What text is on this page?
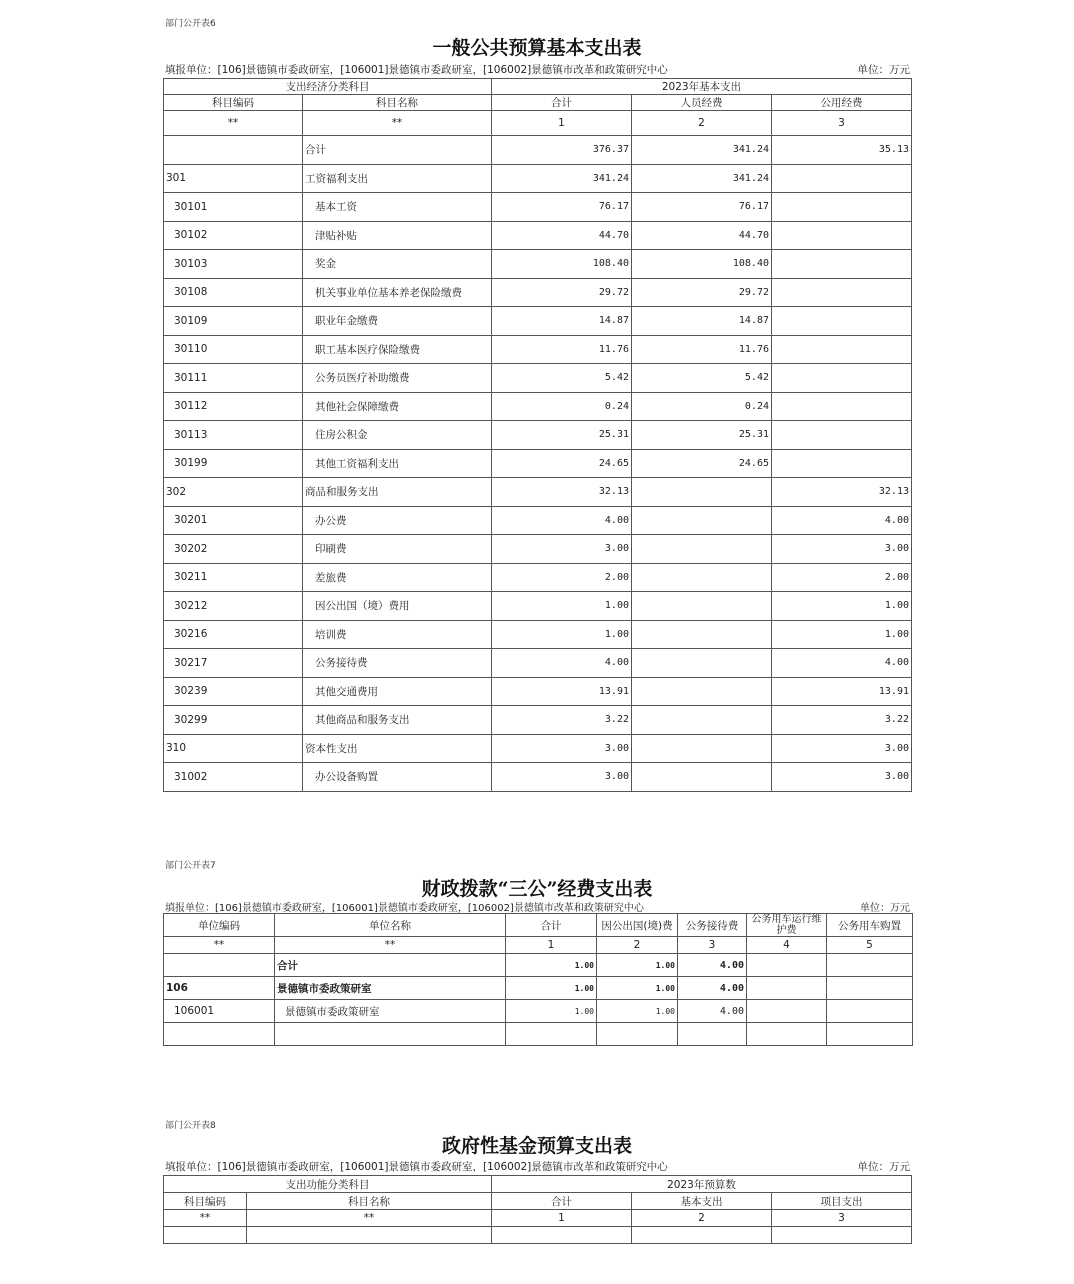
部门公开表6
一般公共预算基本支出表
填报单位：[106]景德镇市委政研室，[106001]景德镇市委政研室，[106002]景德镇市改革和政策研究中心	单位：万元
支出经济分类科目		2023年基本支出		
科目编码	科目名称	合计	人员经费	公用经费
**	**	1	2	3
	合计	376.37	341.24	35.13
301	工资福利支出	341.24	341.24	
30101	基本工资	76.17	76.17	
30102	津贴补贴	44.70	44.70	
30103	奖金	108.40	108.40	
30108	机关事业单位基本养老保险缴费	29.72	29.72	
30109	职业年金缴费	14.87	14.87	
30110	职工基本医疗保险缴费	11.76	11.76	
30111	公务员医疗补助缴费	5.42	5.42	
30112	其他社会保障缴费	0.24	0.24	
30113	住房公积金	25.31	25.31	
30199	其他工资福利支出	24.65	24.65	
302	商品和服务支出	32.13		32.13
30201	办公费	4.00		4.00
30202	印刷费	3.00		3.00
30211	差旅费	2.00		2.00
30212	因公出国（境）费用	1.00		1.00
30216	培训费	1.00		1.00
30217	公务接待费	4.00		4.00
30239	其他交通费用	13.91		13.91
30299	其他商品和服务支出	3.22		3.22
310	资本性支出	3.00		3.00
31002	办公设备购置	3.00		3.00
部门公开表7
财政拨款“三公”经费支出表
填报单位：[106]景德镇市委政研室，[106001]景德镇市委政研室，[106002]景德镇市改革和政策研究中心	单位：万元
单位编码	单位名称	合计	因公出国(境)费	公务接待费	公务用车运行维护费	公务用车购置
**	**	1	2	3	4	5
	合计	1.00	1.00	4.00		
106	景德镇市委政策研室	1.00	1.00	4.00		
106001	景德镇市委政策研室	1.00	1.00	4.00		

部门公开表8
政府性基金预算支出表
填报单位：[106]景德镇市委政研室，[106001]景德镇市委政研室，[106002]景德镇市改革和政策研究中心	单位：万元
支出功能分类科目		2023年预算数		
科目编码	科目名称	合计	基本支出	项目支出
**	**	1	2	3
